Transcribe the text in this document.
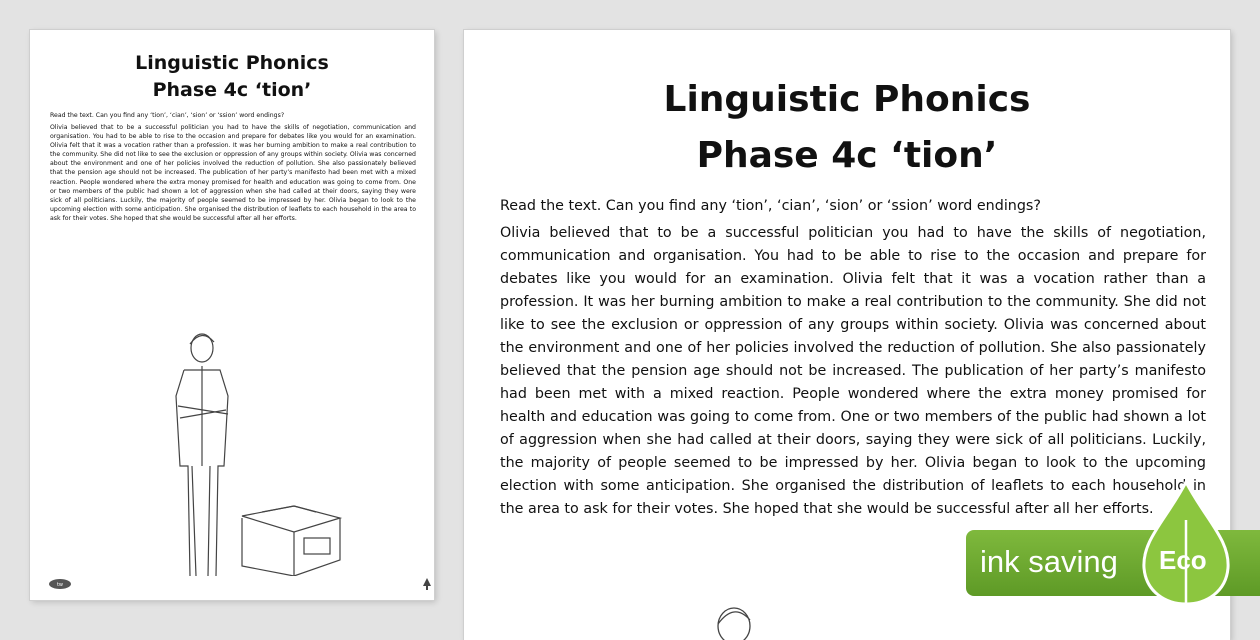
Linguistic Phonics
Phase 4c ‘tion’
Read the text. Can you find any ‘tion’, ‘cian’, ‘sion’ or ‘ssion’ word endings?
Olivia believed that to be a successful politician you had to have the skills of negotiation, communication and organisation. You had to be able to rise to the occasion and prepare for debates like you would for an examination. Olivia felt that it was a vocation rather than a profession. It was her burning ambition to make a real contribution to the community. She did not like to see the exclusion or oppression of any groups within society. Olivia was concerned about the environment and one of her policies involved the reduction of pollution. She also passionately believed that the pension age should not be increased. The publication of her party’s manifesto had been met with a mixed reaction. People wondered where the extra money promised for health and education was going to come from. One or two members of the public had shown a lot of aggression when she had called at their doors, saying they were sick of all politicians. Luckily, the majority of people seemed to be impressed by her. Olivia began to look to the upcoming election with some anticipation. She organised the distribution of leaflets to each household in the area to ask for their votes. She hoped that she would be successful after all her efforts.
tw
Linguistic Phonics
Phase 4c ‘tion’
Read the text. Can you find any ‘tion’, ‘cian’, ‘sion’ or ‘ssion’ word endings?
Olivia believed that to be a successful politician you had to have the skills of negotiation, communication and organisation. You had to be able to rise to the occasion and prepare for debates like you would for an examination. Olivia felt that it was a vocation rather than a profession. It was her burning ambition to make a real contribution to the community. She did not like to see the exclusion or oppression of any groups within society. Olivia was concerned about the environment and one of her policies involved the reduction of pollution. She also passionately believed that the pension age should not be increased. The publication of her party’s manifesto had been met with a mixed reaction. People wondered where the extra money promised for health and education was going to come from. One or two members of the public had shown a lot of aggression when she had called at their doors, saying they were sick of all politicians. Luckily, the majority of people seemed to be impressed by her. Olivia began to look to the upcoming election with some anticipation. She organised the distribution of leaflets to each household in the area to ask for their votes. She hoped that she would be successful after all her efforts.
ink saving Eco
